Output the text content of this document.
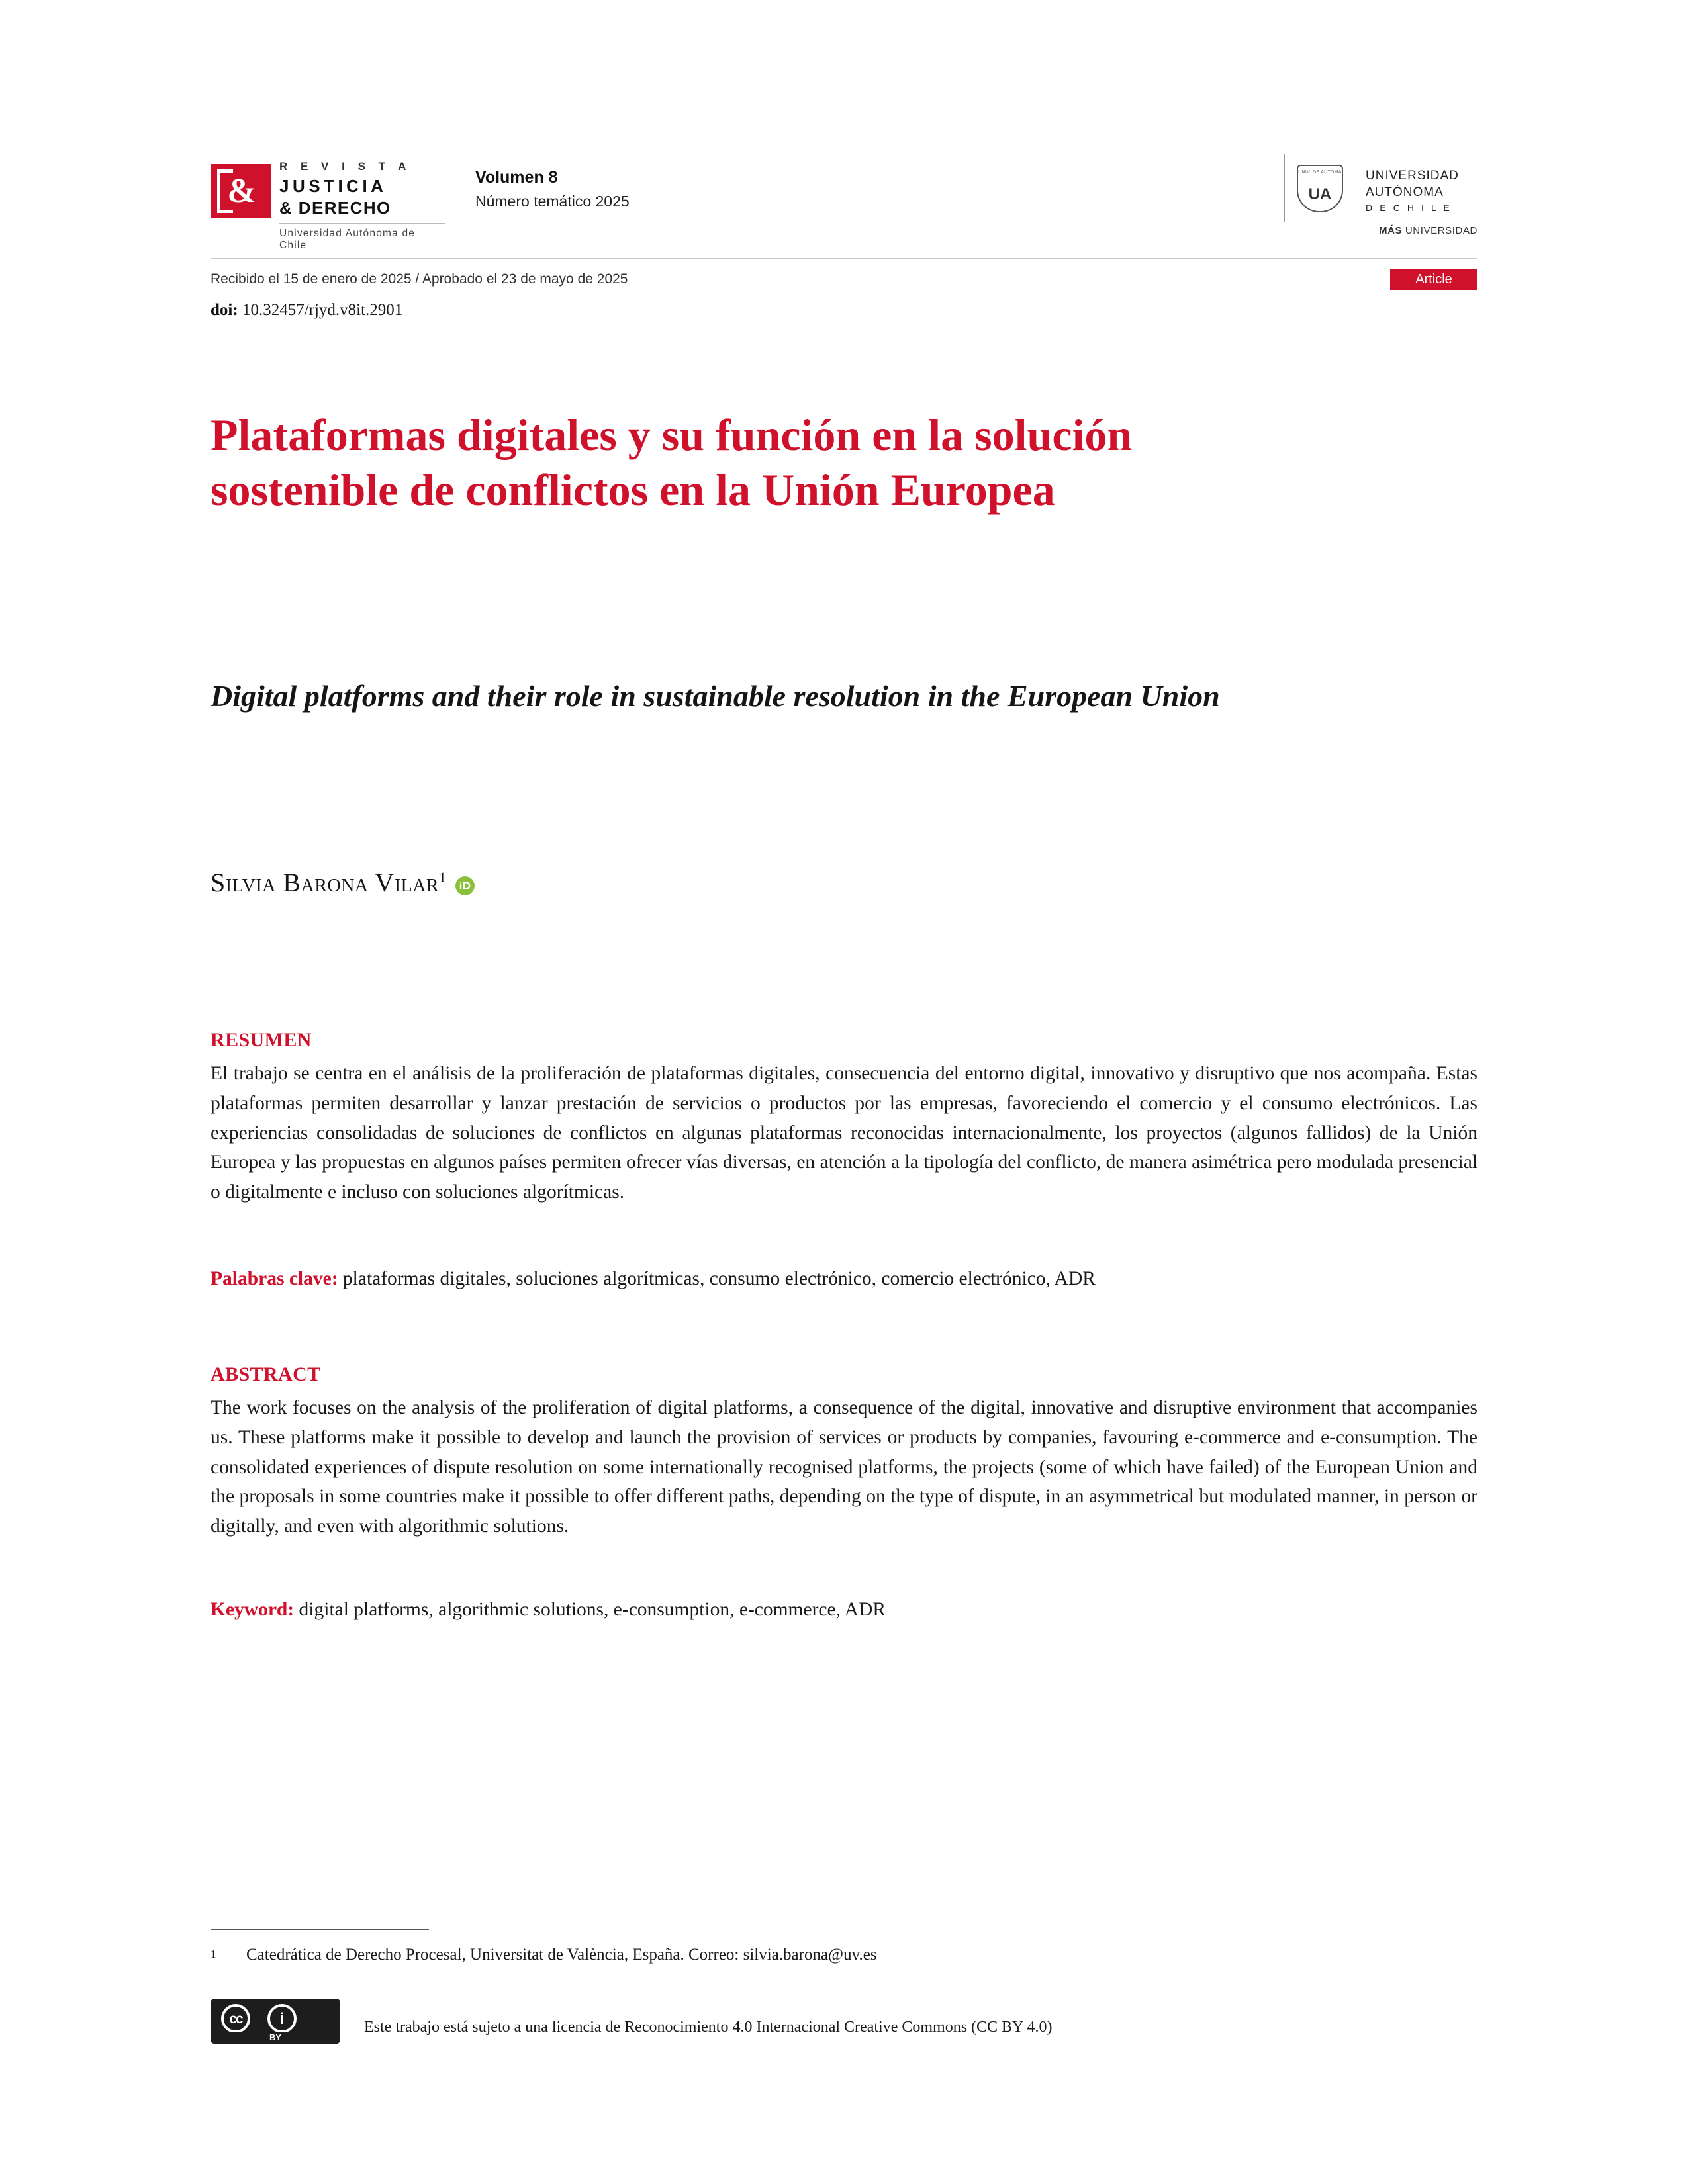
&
R E V I S T A
JUSTICIA
& DERECHO
Universidad Autónoma de Chile
Volumen 8
Número temático 2025
UNIV. DE AUTOMA
UA
UNIVERSIDAD
AUTÓNOMA
D E C H I L E
MÁS UNIVERSIDAD
Recibido el 15 de enero de 2025 / Aprobado el 23 de mayo de 2025
doi: 10.32457/rjyd.v8it.2901
Article
Plataformas digitales y su función en la solución sostenible de conflictos en la Unión Europea
Digital platforms and their role in sustainable resolution in the European Union
Silvia Barona Vilar$^1$iD
RESUMEN
El trabajo se centra en el análisis de la proliferación de plataformas digitales, consecuencia del entorno digital, innovativo y disruptivo que nos acompaña. Estas plataformas permiten desarrollar y lanzar prestación de servicios o productos por las empresas, favoreciendo el comercio y el consumo electrónicos. Las experiencias consolidadas de soluciones de conflictos en algunas plataformas reconocidas internacionalmente, los proyectos (algunos fallidos) de la Unión Europea y las propuestas en algunos países permiten ofrecer vías diversas, en atención a la tipología del conflicto, de manera asimétrica pero modulada presencial o digitalmente e incluso con soluciones algorítmicas.
Palabras clave: plataformas digitales, soluciones algorítmicas, consumo electrónico, comercio electrónico, ADR
ABSTRACT
The work focuses on the analysis of the proliferation of digital platforms, a consequence of the digital, innovative and disruptive environment that accompanies us. These platforms make it possible to develop and launch the provision of services or products by companies, favouring e-commerce and e-consumption. The consolidated experiences of dispute resolution on some internationally recognised platforms, the projects (some of which have failed) of the European Union and the proposals in some countries make it possible to offer different paths, depending on the type of dispute, in an asymmetrical but modulated manner, in person or digitally, and even with algorithmic solutions.
Keyword: digital platforms, algorithmic solutions, e-consumption, e-commerce, ADR
1 Catedrática de Derecho Procesal, Universitat de València, España. Correo: silvia.barona@uv.es
cc	i
BY
Este trabajo está sujeto a una licencia de Reconocimiento 4.0 Internacional Creative Commons (CC BY 4.0)
